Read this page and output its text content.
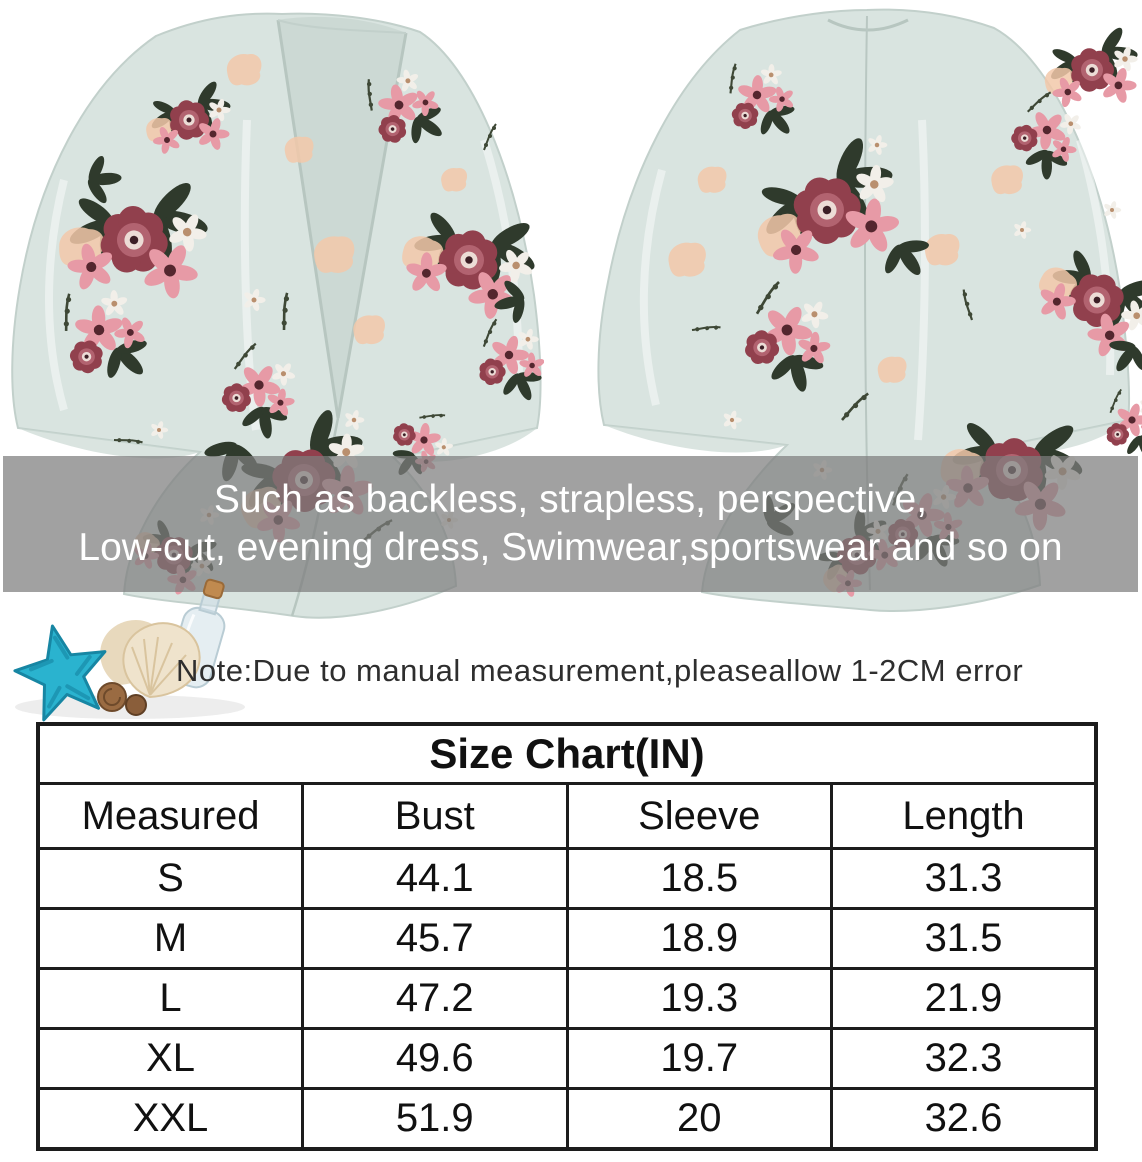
Such as backless, strapless, perspective,
Low-cut, evening dress, Swimwear,sportswear and so on
Note:Due to manual measurement,pleaseallow 1-2CM error
Size Chart(IN)			
Measured	Bust	Sleeve	Length
S	44.1	18.5	31.3
M	45.7	18.9	31.5
L	47.2	19.3	21.9
XL	49.6	19.7	32.3
XXL	51.9	20	32.6
